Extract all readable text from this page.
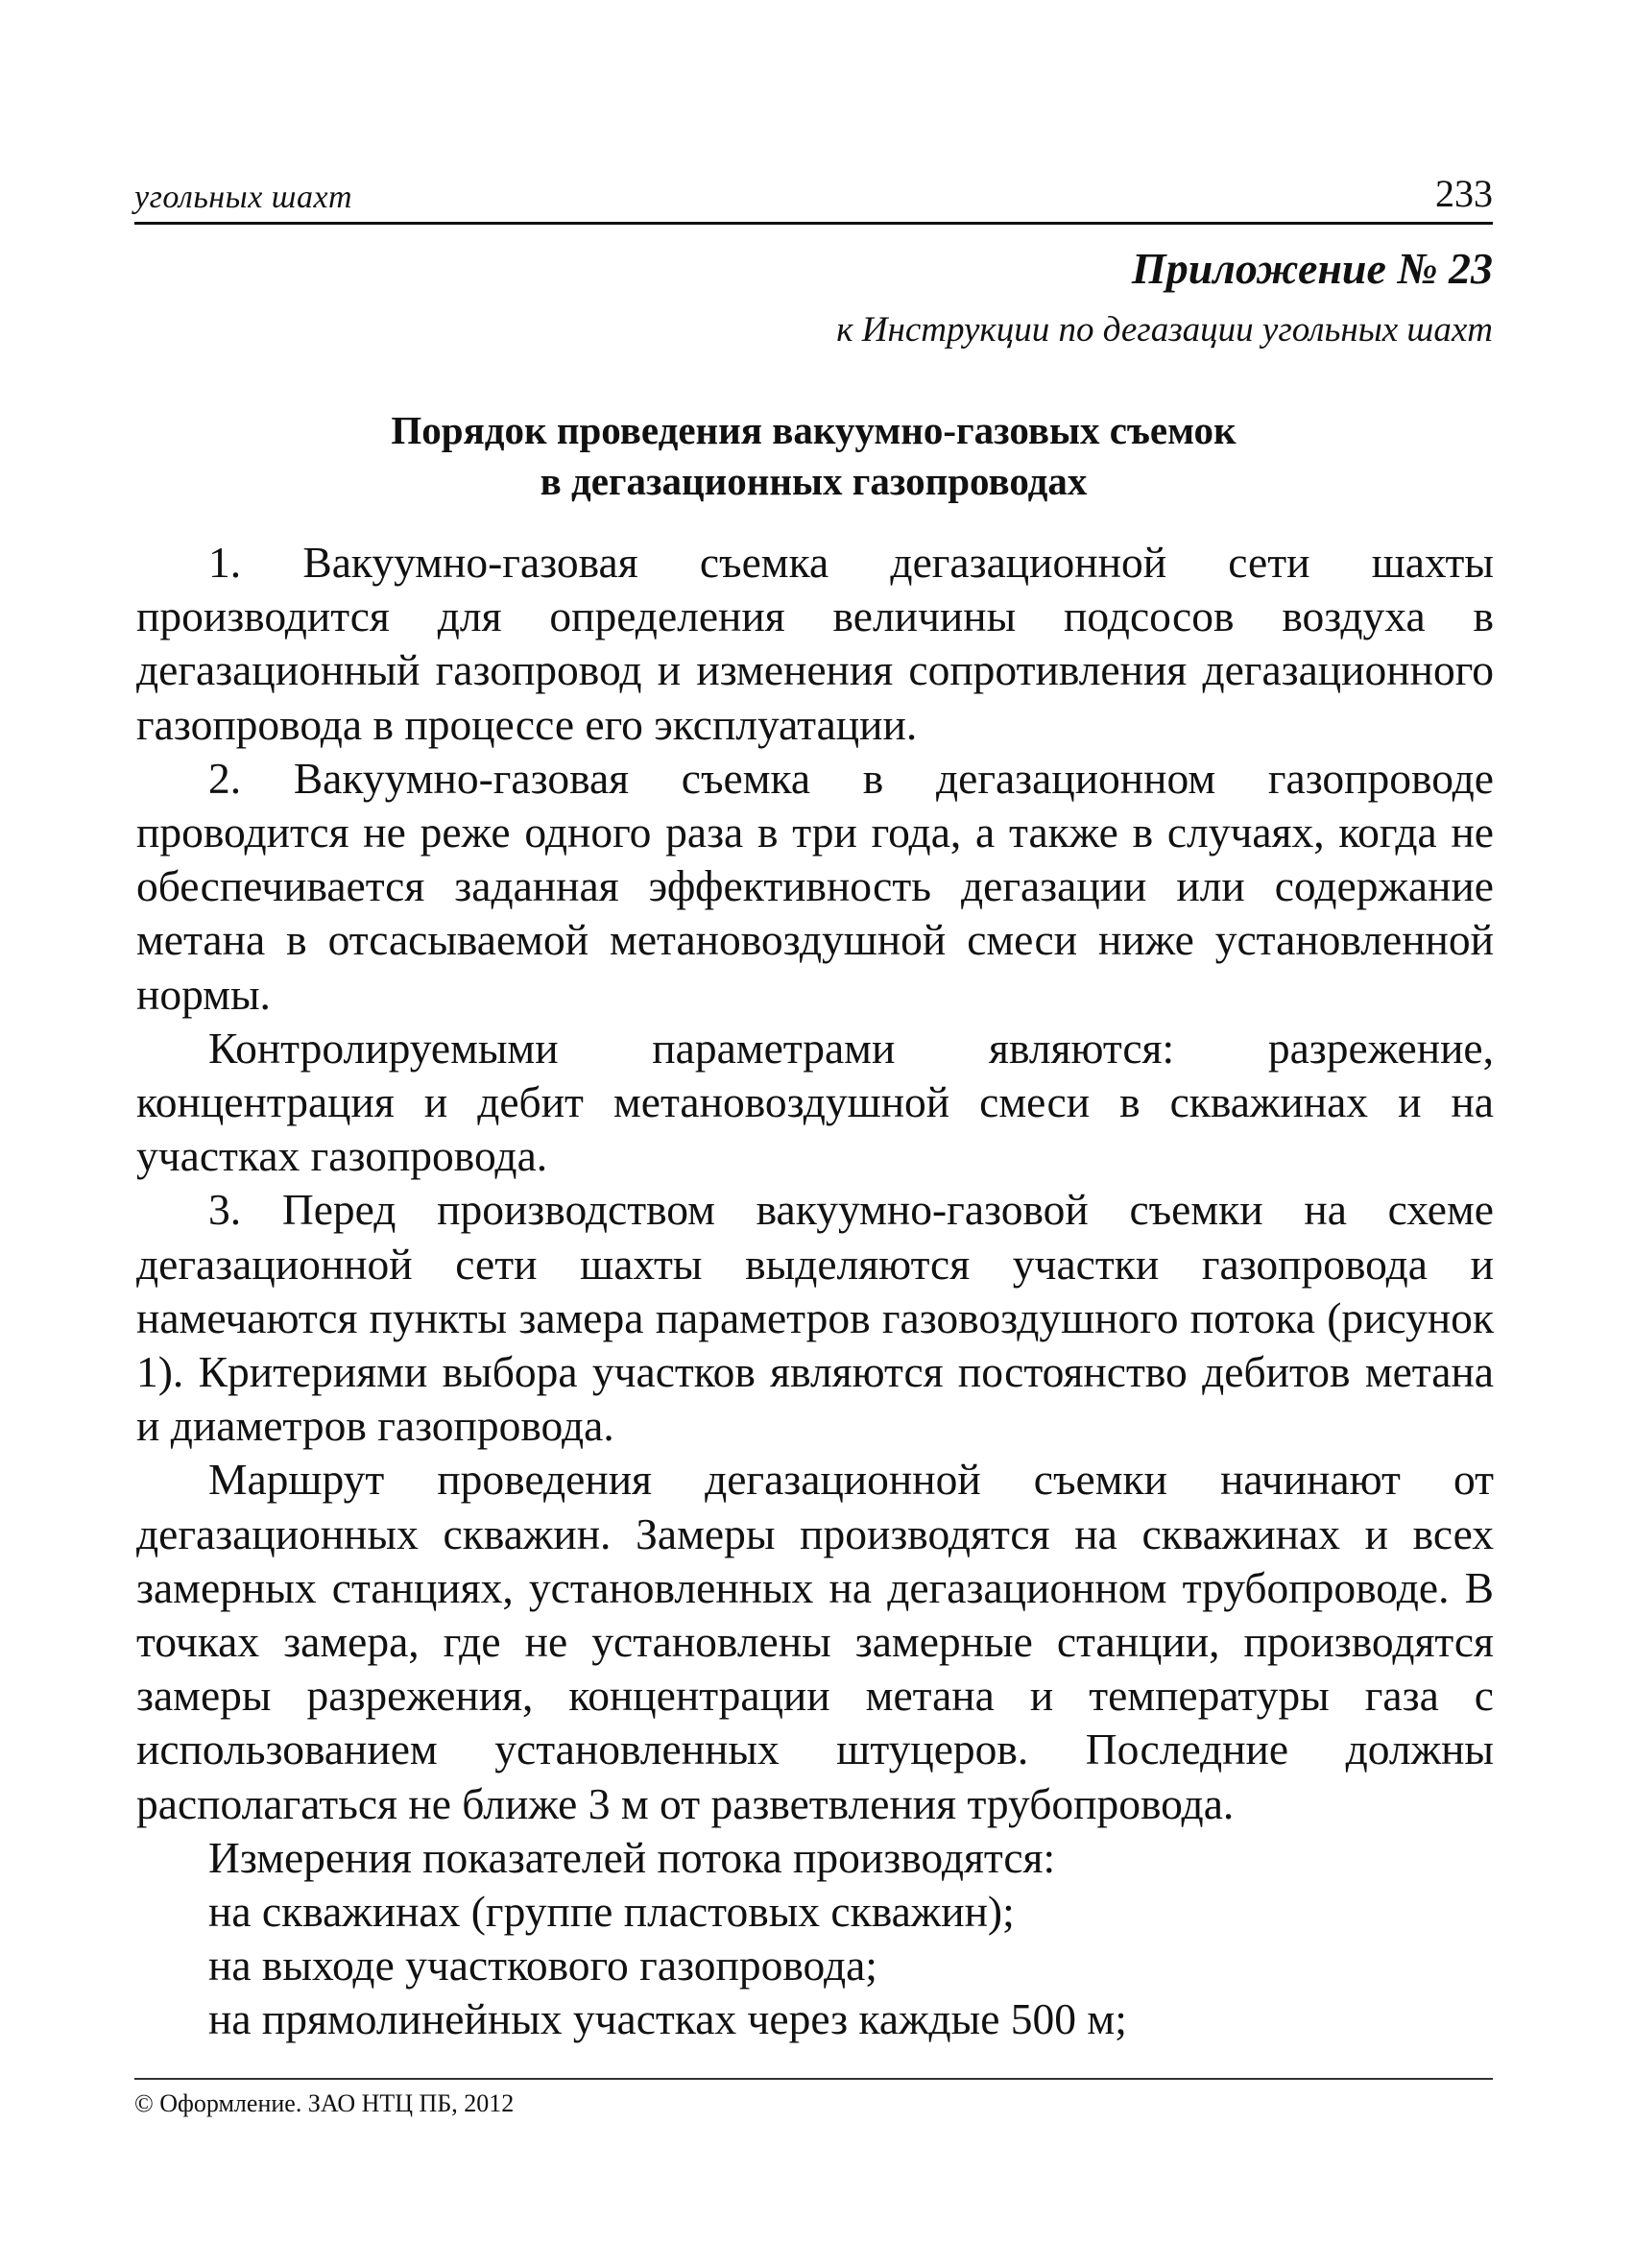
угольных шахт	233
Приложение № 23
к Инструкции по дегазации угольных шахт
Порядок проведения вакуумно-газовых съемок
в дегазационных газопроводах

1. Вакуумно-газовая съемка дегазационной сети шахты производится для определения величины подсосов воздуха в дегазационный газопровод и изменения сопротивления дегазационного газопровода в процессе его эксплуатации.

2. Вакуумно-газовая съемка в дегазационном газопроводе проводится не реже одного раза в три года, а также в случаях, когда не обеспечивается заданная эффективность дегазации или содержание метана в отсасываемой метановоздушной смеси ниже установленной нормы.

Контролируемыми параметрами являются: разрежение, концентрация и дебит метановоздушной смеси в скважинах и на участках газопровода.

3. Перед производством вакуумно-газовой съемки на схеме дегазационной сети шахты выделяются участки газопровода и намечаются пункты замера параметров газовоздушного потока (рисунок 1). Критериями выбора участков являются постоянство дебитов метана и диаметров газопровода.

Маршрут проведения дегазационной съемки начинают от дегазационных скважин. Замеры производятся на скважинах и всех замерных станциях, установленных на дегазационном трубопроводе. В точках замера, где не установлены замерные станции, производятся замеры разрежения, концентрации метана и температуры газа с использованием установленных штуцеров. Последние должны располагаться не ближе 3 м от разветвления трубопровода.

Измерения показателей потока производятся:

на скважинах (группе пластовых скважин);

на выходе участкового газопровода;

на прямолинейных участках через каждые 500 м;

© Оформление. ЗАО НТЦ ПБ, 2012
